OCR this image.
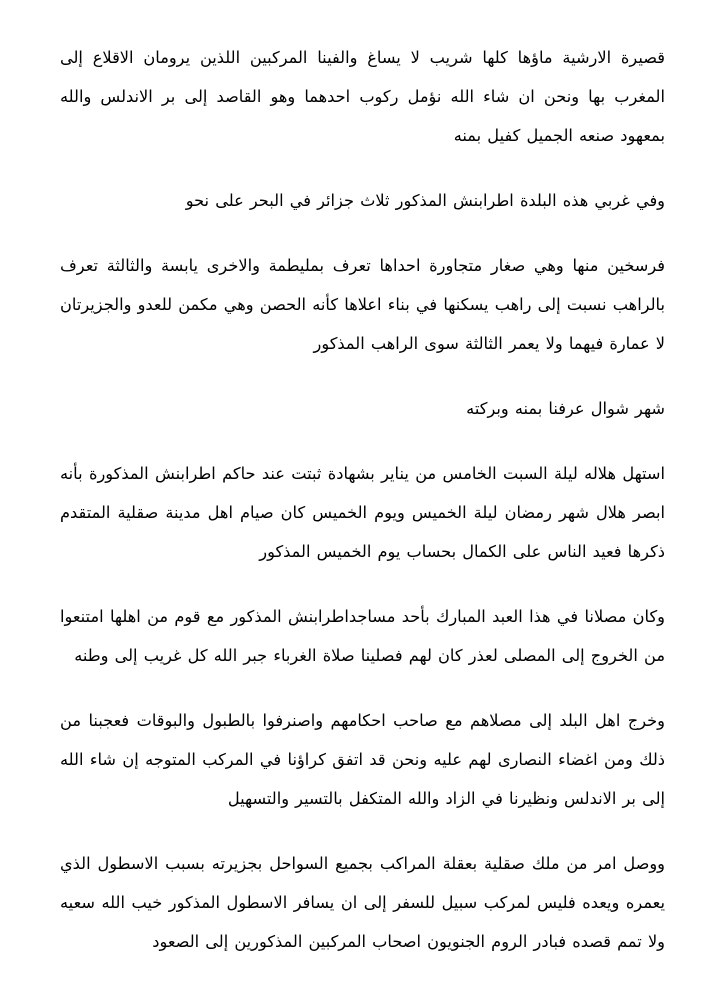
قصيرة الارشية ماؤها كلها شريب لا يساغ والفينا المركبين اللذين يرومان الاقلاع إلى المغرب بها ونحن ان شاء الله نؤمل ركوب احدهما وهو القاصد إلى بر الاندلس والله بمعهود صنعه الجميل كفيل بمنه

وفي غربي هذه البلدة اطرابنش المذكور ثلاث جزائر في البحر على نحو

فرسخين منها وهي صغار متجاورة احداها تعرف بمليطمة والاخرى يابسة والثالثة تعرف بالراهب نسبت إلى راهب يسكنها في بناء اعلاها كأنه الحصن وهي مكمن للعدو والجزيرتان لا عمارة فيهما ولا يعمر الثالثة سوى الراهب المذكور

شهر شوال عرفنا بمنه وبركته

استهل هلاله ليلة السبت الخامس من يناير بشهادة ثبتت عند حاكم اطرابنش المذكورة بأنه ابصر هلال شهر رمضان ليلة الخميس ويوم الخميس كان صيام اهل مدينة صقلية المتقدم ذكرها فعيد الناس على الكمال بحساب يوم الخميس المذكور

وكان مصلانا في هذا العبد المبارك بأحد مساجداطرابنش المذكور مع قوم من اهلها امتنعوا من الخروج إلى المصلى لعذر كان لهم فصلينا صلاة الغرباء جبر الله كل غريب إلى وطنه

وخرج اهل البلد إلى مصلاهم مع صاحب احكامهم واصنرفوا بالطبول والبوقات فعجبنا من ذلك ومن اغضاء النصارى لهم عليه ونحن قد اتفق كراؤنا في المركب المتوجه إن شاء الله إلى بر الاندلس ونظيرنا في الزاد والله المتكفل بالتسير والتسهيل

ووصل امر من ملك صقلية بعقلة المراكب بجميع السواحل بجزيرته بسبب الاسطول الذي يعمره ويعده فليس لمركب سبيل للسفر إلى ان يسافر الاسطول المذكور خيب الله سعيه ولا تمم قصده فبادر الروم الجنويون اصحاب المركبين المذكورين إلى الصعود
